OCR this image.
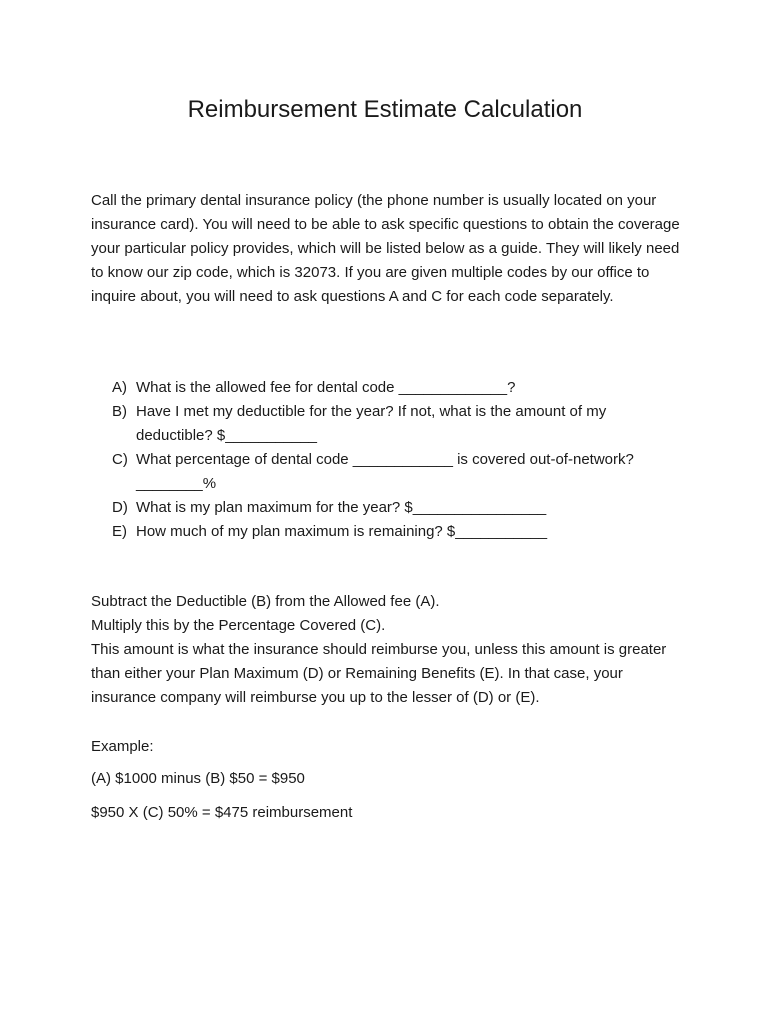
Reimbursement Estimate Calculation

Call the primary dental insurance policy (the phone number is usually located on your insurance card). You will need to be able to ask specific questions to obtain the coverage your particular policy provides, which will be listed below as a guide. They will likely need to know our zip code, which is 32073. If you are given multiple codes by our office to inquire about, you will need to ask questions A and C for each code separately.

A) What is the allowed fee for dental code _____________?
B) Have I met my deductible for the year? If not, what is the amount of my deductible? $___________
C) What percentage of dental code ____________ is covered out-of-network? ________%
D) What is my plan maximum for the year? $________________
E) How much of my plan maximum is remaining? $___________

Subtract the Deductible (B) from the Allowed fee (A).

Multiply this by the Percentage Covered (C).

This amount is what the insurance should reimburse you, unless this amount is greater than either your Plan Maximum (D) or Remaining Benefits (E). In that case, your insurance company will reimburse you up to the lesser of (D) or (E).

Example:

(A) $1000 minus (B) $50 = $950

$950 X (C) 50% = $475 reimbursement
